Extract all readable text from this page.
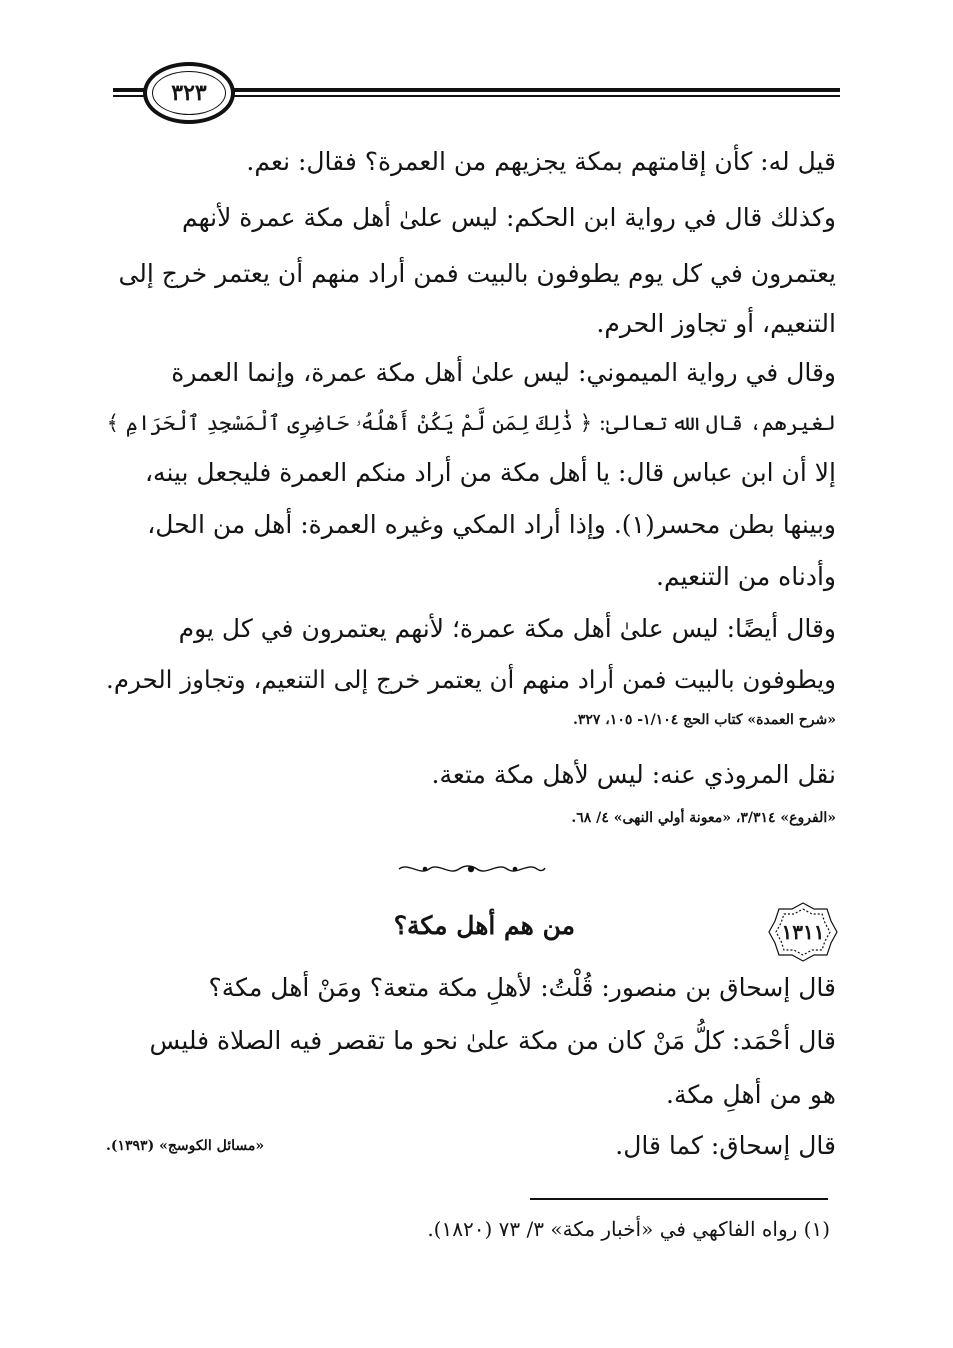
٣٢٣
قيل له: كأن إقامتهم بمكة يجزيهم من العمرة؟ فقال: نعم.
وكذلك قال في رواية ابن الحكم: ليس علىٰ أهل مكة عمرة لأنهم
يعتمرون في كل يوم يطوفون بالبيت فمن أراد منهم أن يعتمر خرج إلى
التنعيم، أو تجاوز الحرم.
وقال في رواية الميموني: ليس علىٰ أهل مكة عمرة، وإنما العمرة
لغيرهم، قال الله تعالىٰ: ﴿ ذَٰلِكَ لِمَن لَّمْ يَكُنْ أَهْلُهُۥ حَاضِرِى ٱلْمَسْجِدِ ٱلْحَرَامِ ﴾
إلا أن ابن عباس قال: يا أهل مكة من أراد منكم العمرة فليجعل بينه،
وبينها بطن محسر(١). وإذا أراد المكي وغيره العمرة: أهل من الحل،
وأدناه من التنعيم.
وقال أيضًا: ليس علىٰ أهل مكة عمرة؛ لأنهم يعتمرون في كل يوم
ويطوفون بالبيت فمن أراد منهم أن يعتمر خرج إلى التنعيم، وتجاوز الحرم.
«شرح العمدة» كتاب الحج ١/١٠٤- ١٠٥، ٣٢٧.
نقل المروذي عنه: ليس لأهل مكة متعة.
«الفروع» ٣/٣١٤، «معونة أولي النهى» ٤/ ٦٨.
١٣١١
من هم أهل مكة؟
قال إسحاق بن منصور: قُلْتُ: لأهلِ مكة متعة؟ ومَنْ أهل مكة؟
قال أحْمَد: كلُّ مَنْ كان من مكة علىٰ نحو ما تقصر فيه الصلاة فليس
هو من أهلِ مكة.
قال إسحاق: كما قال.
«مسائل الكوسج» (١٣٩٣).
(١) رواه الفاكهي في «أخبار مكة» ٣/ ٧٣ (١٨٢٠).
